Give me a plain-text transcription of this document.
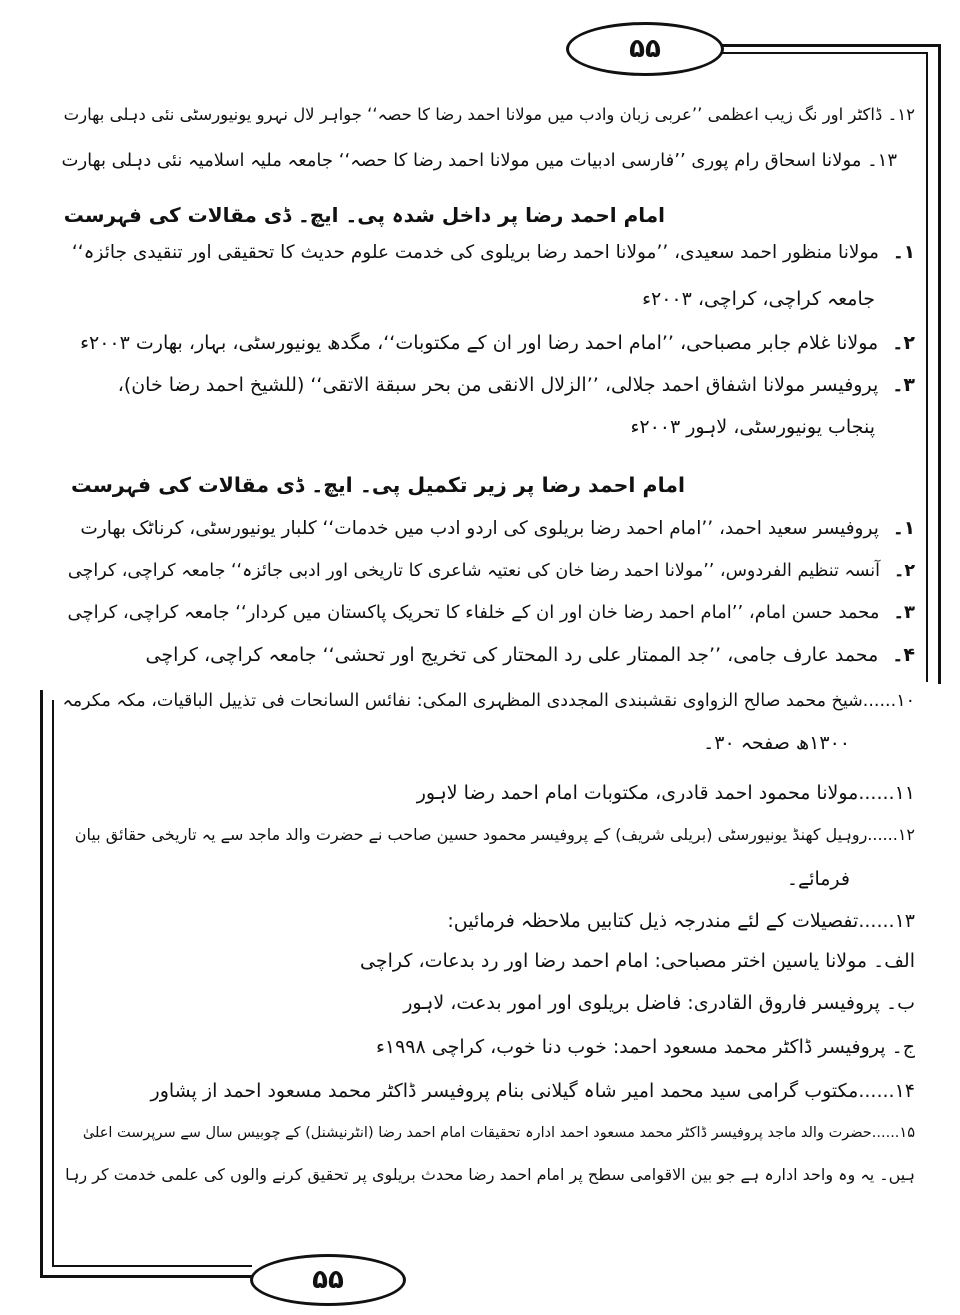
۵۵
۵۵
۱۲۔ ڈاکٹر اور نگ زیب اعظمی ’’عربی زبان وادب میں مولانا احمد رضا کا حصہ‘‘ جواہر لال نہرو یونیورسٹی نئی دہلی بھارت
۱۳۔ مولانا اسحاق رام پوری ’’فارسی ادبیات میں مولانا احمد رضا کا حصہ‘‘ جامعہ ملیہ اسلامیہ نئی دہلی بھارت
امام احمد رضا پر داخل شدہ پی۔ ایچ۔ ڈی مقالات کی فہرست
۱۔مولانا منظور احمد سعیدی، ’’مولانا احمد رضا بریلوی کی خدمت علوم حدیث کا تحقیقی اور تنقیدی جائزہ‘‘
جامعہ کراچی، کراچی، ۲۰۰۳ء
۲۔مولانا غلام جابر مصباحی، ’’امام احمد رضا اور ان کے مکتوبات‘‘، مگدھ یونیورسٹی، بہار، بھارت ۲۰۰۳ء
۳۔پروفیسر مولانا اشفاق احمد جلالی، ’’الزلال الانقی من بحر سبقة الاتقی‘‘ (للشیخ احمد رضا خان)،
پنجاب یونیورسٹی، لاہور ۲۰۰۳ء
امام احمد رضا پر زیر تکمیل پی۔ ایچ۔ ڈی مقالات کی فہرست
۱۔پروفیسر سعید احمد، ’’امام احمد رضا بریلوی کی اردو ادب میں خدمات‘‘ کلبار یونیورسٹی، کرناٹک بھارت
۲۔آنسہ تنظیم الفردوس، ’’مولانا احمد رضا خان کی نعتیہ شاعری کا تاریخی اور ادبی جائزہ‘‘ جامعہ کراچی، کراچی
۳۔محمد حسن امام، ’’امام احمد رضا خان اور ان کے خلفاء کا تحریک پاکستان میں کردار‘‘ جامعہ کراچی، کراچی
۴۔محمد عارف جامی، ’’جد الممتار علی رد المحتار کی تخریج اور تحشی‘‘ جامعہ کراچی، کراچی
۱۰......شیخ محمد صالح الزواوی نقشبندی المجددی المظہری المکی: نفائس السانحات فی تذییل الباقیات، مکہ مکرمہ
۱۳۰۰ھ صفحہ ۳۰۔
۱۱......مولانا محمود احمد قادری، مکتوبات امام احمد رضا لاہور
۱۲......روہیل کھنڈ یونیورسٹی (بریلی شریف) کے پروفیسر محمود حسین صاحب نے حضرت والد ماجد سے یہ تاریخی حقائق بیان
فرمائے۔
۱۳......تفصیلات کے لئے مندرجہ ذیل کتابیں ملاحظہ فرمائیں:
الف۔ مولانا یاسین اختر مصباحی: امام احمد رضا اور رد بدعات، کراچی
ب۔ پروفیسر فاروق القادری: فاضل بریلوی اور امور بدعت، لاہور
ج۔ پروفیسر ڈاکٹر محمد مسعود احمد: خوب دنا خوب، کراچی ۱۹۹۸ء
۱۴......مکتوب گرامی سید محمد امیر شاہ گیلانی بنام پروفیسر ڈاکٹر محمد مسعود احمد از پشاور
۱۵......حضرت والد ماجد پروفیسر ڈاکٹر محمد مسعود احمد ادارہ تحقیقات امام احمد رضا (انٹرنیشنل) کے چوبیس سال سے سرپرست اعلیٰ
ہیں۔ یہ وہ واحد ادارہ ہے جو بین الاقوامی سطح پر امام احمد رضا محدث بریلوی پر تحقیق کرنے والوں کی علمی خدمت کر رہا
